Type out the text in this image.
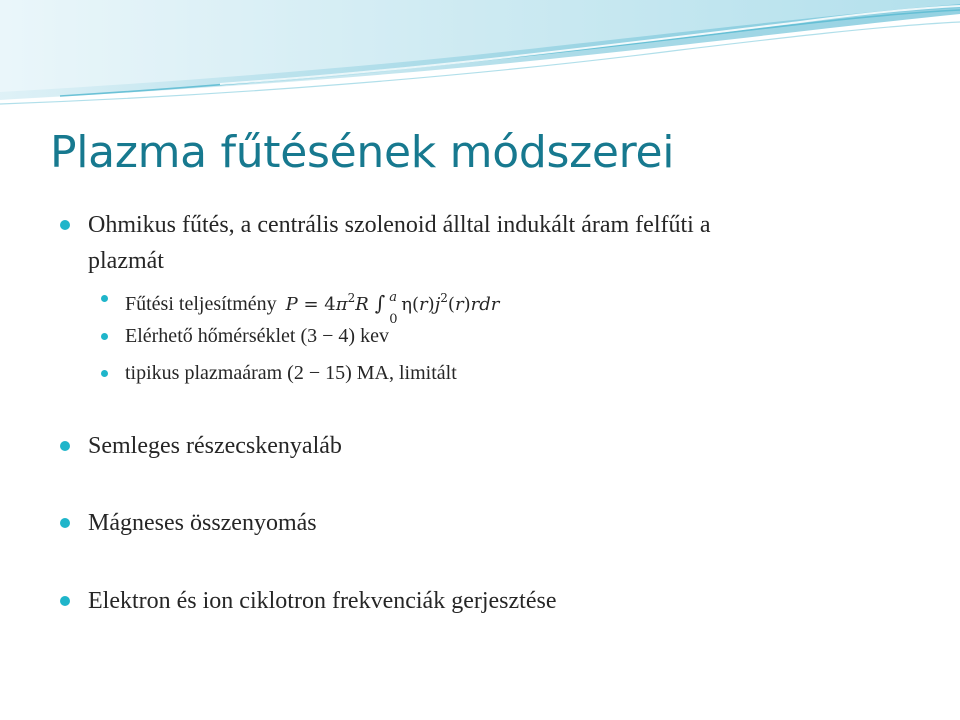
Plazma fűtésének módszerei
Ohmikus fűtés, a centrális szolenoid álltal indukált áram felfűti a
plazmát
Fűtési teljesítmény $P = 4\pi^2R$ ∫ a
0
$\eta(r)j^2(r)rdr$
Elérhető hőmérséklet (3 − 4) kev
tipikus plazmaáram (2 − 15) MA, limitált
Semleges részecskenyaláb
Mágneses összenyomás
Elektron és ion ciklotron frekvenciák gerjesztése
